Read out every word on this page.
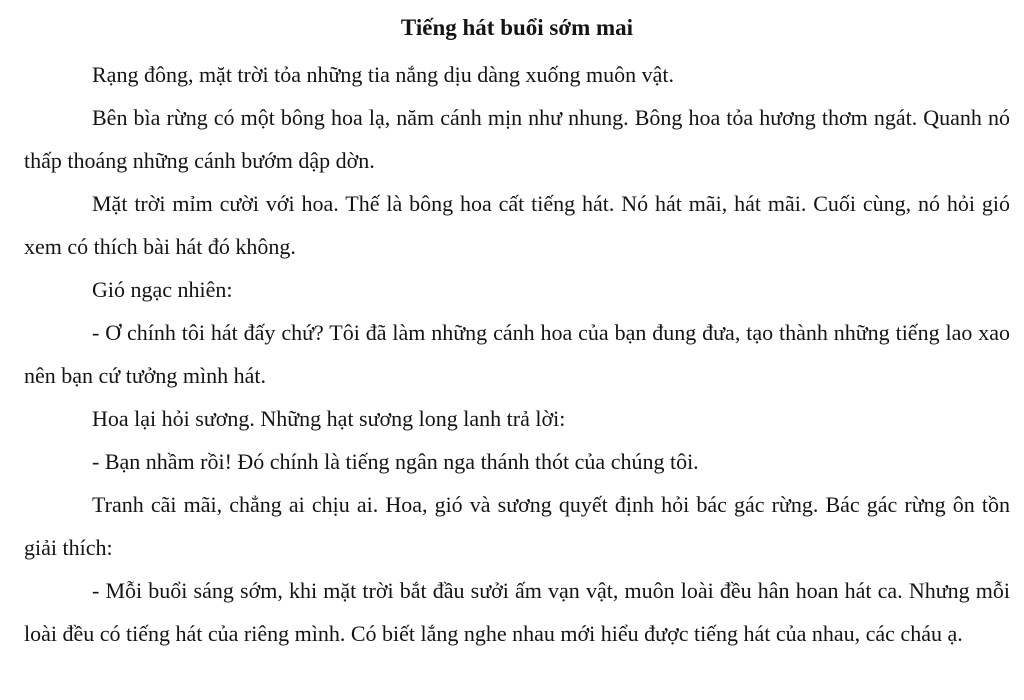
Tiếng hát buổi sớm mai

Rạng đông, mặt trời tỏa những tia nắng dịu dàng xuống muôn vật.

Bên bìa rừng có một bông hoa lạ, năm cánh mịn như nhung. Bông hoa tỏa hương thơm ngát. Quanh nó thấp thoáng những cánh bướm dập dờn.

Mặt trời mỉm cười với hoa. Thế là bông hoa cất tiếng hát. Nó hát mãi, hát mãi. Cuối cùng, nó hỏi gió xem có thích bài hát đó không.

Gió ngạc nhiên:

- Ơ chính tôi hát đấy chứ? Tôi đã làm những cánh hoa của bạn đung đưa, tạo thành những tiếng lao xao nên bạn cứ tưởng mình hát.

Hoa lại hỏi sương. Những hạt sương long lanh trả lời:

- Bạn nhầm rồi! Đó chính là tiếng ngân nga thánh thót của chúng tôi.

Tranh cãi mãi, chẳng ai chịu ai. Hoa, gió và sương quyết định hỏi bác gác rừng. Bác gác rừng ôn tồn giải thích:

- Mỗi buổi sáng sớm, khi mặt trời bắt đầu sưởi ấm vạn vật, muôn loài đều hân hoan hát ca. Nhưng mỗi loài đều có tiếng hát của riêng mình. Có biết lắng nghe nhau mới hiểu được tiếng hát của nhau, các cháu ạ.
